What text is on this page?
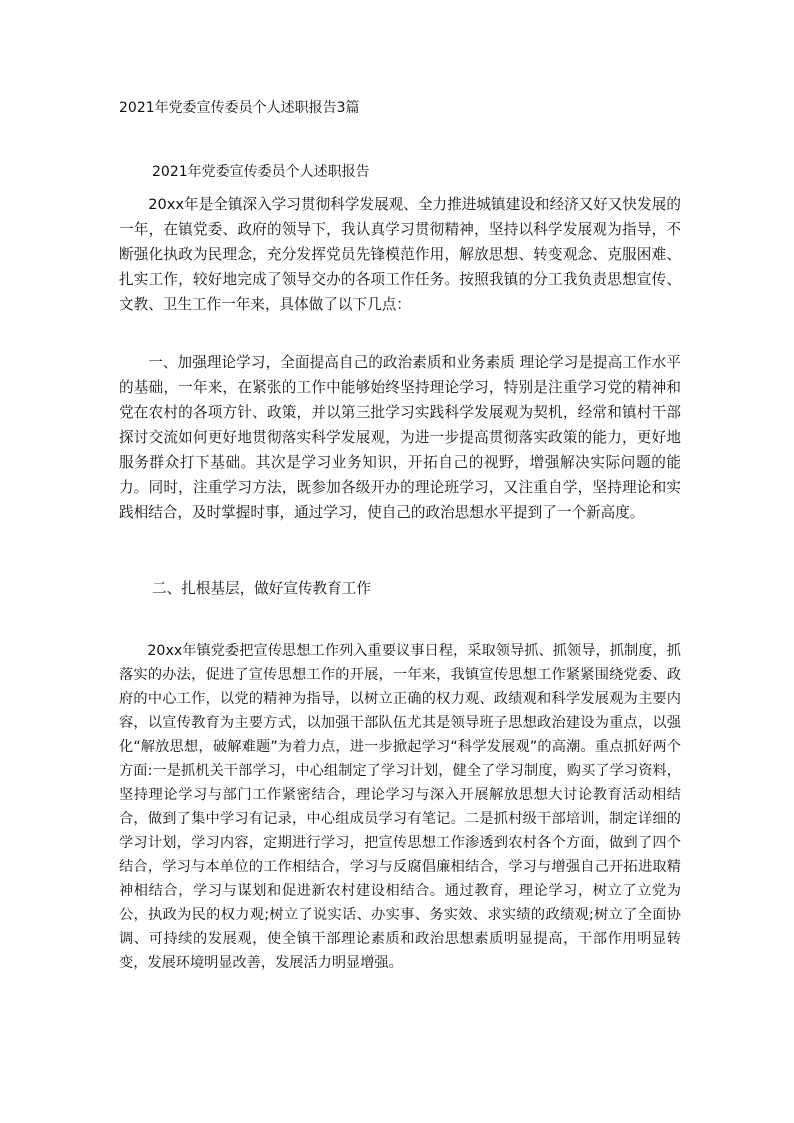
2021年党委宣传委员个人述职报告3篇
2021年党委宣传委员个人述职报告

20xx年是全镇深入学习贯彻科学发展观、全力推进城镇建设和经济又好又快发展的一年，在镇党委、政府的领导下，我认真学习贯彻精神，坚持以科学发展观为指导，不断强化执政为民理念，充分发挥党员先锋模范作用，解放思想、转变观念、克服困难、扎实工作，较好地完成了领导交办的各项工作任务。按照我镇的分工我负责思想宣传、文教、卫生工作一年来，具体做了以下几点：

一、加强理论学习，全面提高自己的政治素质和业务素质 理论学习是提高工作水平的基础，一年来，在紧张的工作中能够始终坚持理论学习，特别是注重学习党的精神和党在农村的各项方针、政策，并以第三批学习实践科学发展观为契机，经常和镇村干部探讨交流如何更好地贯彻落实科学发展观，为进一步提高贯彻落实政策的能力，更好地服务群众打下基础。其次是学习业务知识，开拓自己的视野，增强解决实际问题的能力。同时，注重学习方法，既参加各级开办的理论班学习，又注重自学，坚持理论和实践相结合，及时掌握时事，通过学习，使自己的政治思想水平提到了一个新高度。

二、扎根基层，做好宣传教育工作

20xx年镇党委把宣传思想工作列入重要议事日程，采取领导抓、抓领导，抓制度，抓落实的办法，促进了宣传思想工作的开展，一年来，我镇宣传思想工作紧紧围绕党委、政府的中心工作，以党的精神为指导，以树立正确的权力观、政绩观和科学发展观为主要内容，以宣传教育为主要方式，以加强干部队伍尤其是领导班子思想政治建设为重点，以强化“解放思想，破解难题”为着力点，进一步掀起学习“科学发展观”的高潮。重点抓好两个方面:一是抓机关干部学习，中心组制定了学习计划，健全了学习制度，购买了学习资料，坚持理论学习与部门工作紧密结合，理论学习与深入开展解放思想大讨论教育活动相结合，做到了集中学习有记录，中心组成员学习有笔记。二是抓村级干部培训，制定详细的学习计划，学习内容，定期进行学习，把宣传思想工作渗透到农村各个方面，做到了四个结合，学习与本单位的工作相结合，学习与反腐倡廉相结合，学习与增强自己开拓进取精神相结合，学习与谋划和促进新农村建设相结合。通过教育，理论学习，树立了立党为公，执政为民的权力观;树立了说实话、办实事、务实效、求实绩的政绩观;树立了全面协调、可持续的发展观，使全镇干部理论素质和政治思想素质明显提高，干部作用明显转变，发展环境明显改善，发展活力明显增强。
